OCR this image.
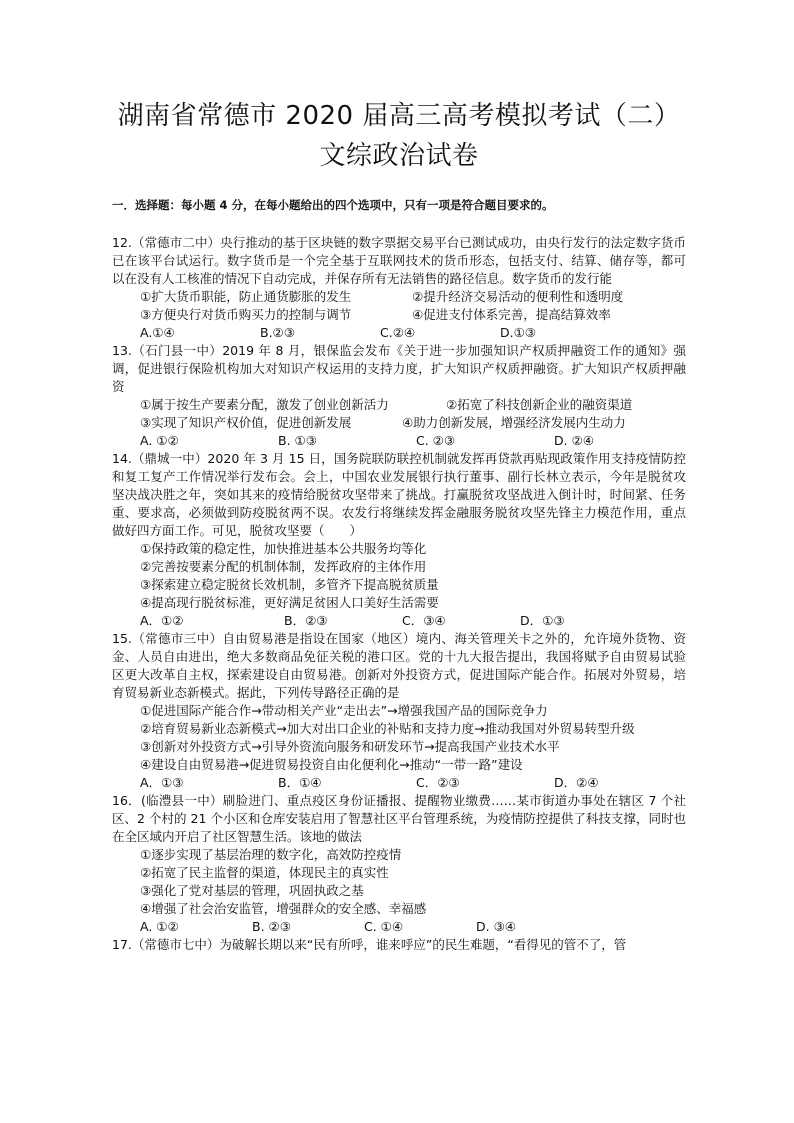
湖南省常德市 2020 届高三高考模拟考试（二）
文综政治试卷
一．选择题：每小题 4 分，在每小题给出的四个选项中，只有一项是符合题目要求的。

12.（常德市二中）央行推动的基于区块链的数字票据交易平台已测试成功，由央行发行的法定数字货币已在该平台试运行。数字货币是一个完全基于互联网技术的货币形态，包括支付、结算、储存等，都可以在没有人工核准的情况下自动完成，并保存所有无法销售的路径信息。数字货币的发行能

①扩大货币职能，防止通货膨胀的发生	②提升经济交易活动的便利性和透明度
③方便央行对货币购买力的控制与调节	④促进支付体系完善，提高结算效率
A.①④	B.②③	C.②④	D.①③

13.（石门县一中）2019 年 8 月，银保监会发布《关于进一步加强知识产权质押融资工作的通知》强调，促进银行保险机构加大对知识产权运用的支持力度，扩大知识产权质押融资。扩大知识产权质押融资

①属于按生产要素分配，激发了创业创新活力	②拓宽了科技创新企业的融资渠道
③实现了知识产权价值，促进创新发展	④助力创新发展，增强经济发展内生动力
A. ①②	B. ①③	C. ②③	D. ②④

14.（鼎城一中）2020 年 3 月 15 日，国务院联防联控机制就发挥再贷款再贴现政策作用支持疫情防控和复工复产工作情况举行发布会。会上，中国农业发展银行执行董事、副行长林立表示，今年是脱贫攻坚决战决胜之年，突如其来的疫情给脱贫攻坚带来了挑战。打赢脱贫攻坚战进入倒计时，时间紧、任务重、要求高，必须做到防疫脱贫两不误。农发行将继续发挥金融服务脱贫攻坚先锋主力模范作用，重点做好四方面工作。可见，脱贫攻坚要（　　）

①保持政策的稳定性，加快推进基本公共服务均等化
②完善按要素分配的机制体制，发挥政府的主体作用
③探索建立稳定脱贫长效机制，多管齐下提高脱贫质量
④提高现行脱贫标准，更好满足贫困人口美好生活需要
A．①②	B．②③	C．③④	D．①③

15.（常德市三中）自由贸易港是指设在国家（地区）境内、海关管理关卡之外的，允许境外货物、资金、人员自由进出，绝大多数商品免征关税的港口区。党的十九大报告提出，我国将赋予自由贸易试验区更大改革自主权，探索建设自由贸易港。创新对外投资方式，促进国际产能合作。拓展对外贸易，培育贸易新业态新模式。据此，下列传导路径正确的是

①促进国际产能合作→带动相关产业“走出去”→增强我国产品的国际竞争力
②培育贸易新业态新模式→加大对出口企业的补贴和支持力度→推动我国对外贸易转型升级
③创新对外投资方式→引导外资流向服务和研发环节→提高我国产业技术水平
④建设自由贸易港→促进贸易投资自由化便利化→推动“一带一路”建设
A．①③	B．①④	C．②③	D．②④

16．(临澧县一中）刷脸进门、重点疫区身份证播报、提醒物业缴费……某市街道办事处在辖区 7 个社区、2 个村的 21 个小区和仓库安装启用了智慧社区平台管理系统，为疫情防控提供了科技支撑，同时也在全区域内开启了社区智慧生活。该地的做法

①逐步实现了基层治理的数字化，高效防控疫情
②拓宽了民主监督的渠道，体现民主的真实性
③强化了党对基层的管理，巩固执政之基
④增强了社会治安监管，增强群众的安全感、幸福感
A. ①②	B. ②③	C. ①④	D. ③④

17.（常德市七中）为破解长期以来“民有所呼，谁来呼应”的民生难题，“看得见的管不了，管
